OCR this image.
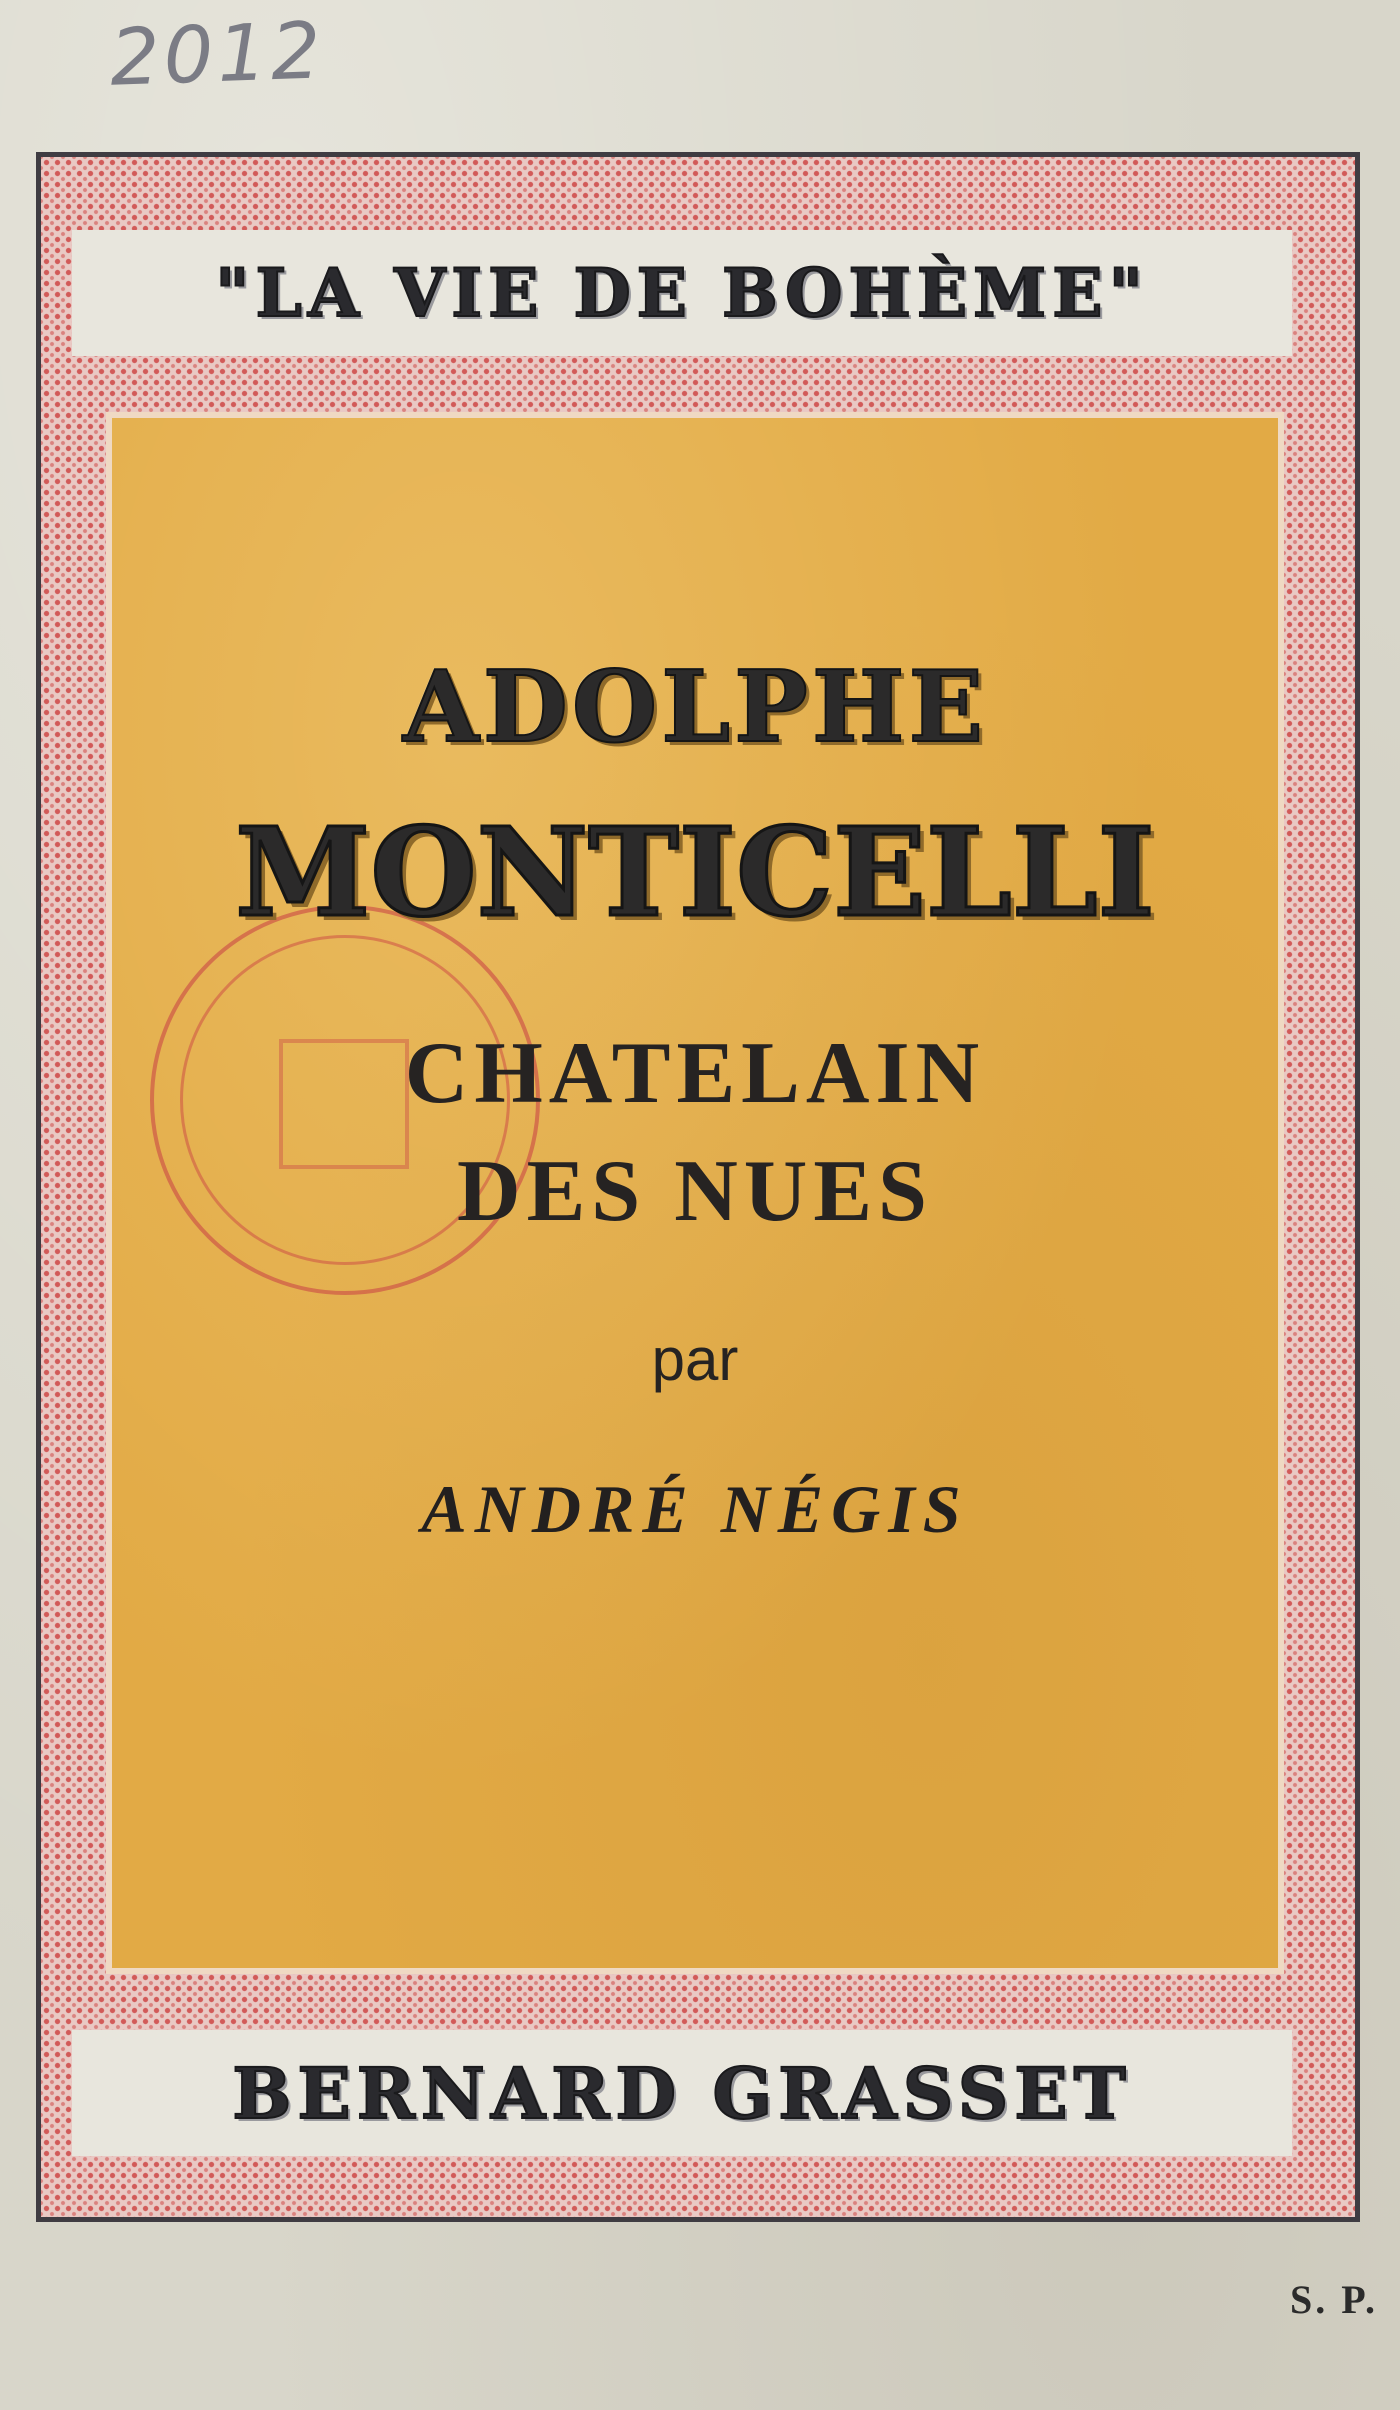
2012
"LA VIE DE BOHÈME"
ADOLPHE
MONTICELLI
CHATELAIN
DES NUES
par
ANDRÉ NÉGIS
BERNARD GRASSET
S. P.
